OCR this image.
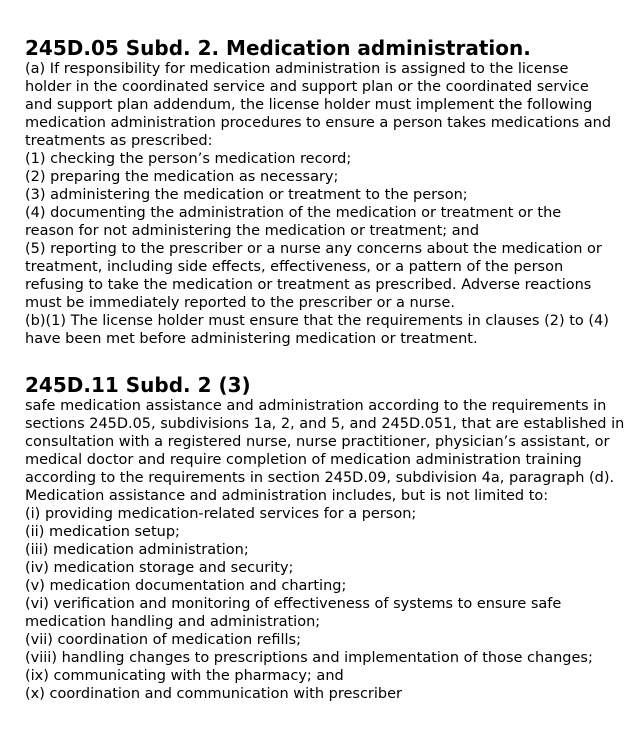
245D.05 Subd. 2. Medication administration.

(a) If responsibility for medication administration is assigned to the license
holder in the coordinated service and support plan or the coordinated service
and support plan addendum, the license holder must implement the following
medication administration procedures to ensure a person takes medications and
treatments as prescribed:
(1) checking the person’s medication record;
(2) preparing the medication as necessary;
(3) administering the medication or treatment to the person;
(4) documenting the administration of the medication or treatment or the
reason for not administering the medication or treatment; and
(5) reporting to the prescriber or a nurse any concerns about the medication or
treatment, including side effects, effectiveness, or a pattern of the person
refusing to take the medication or treatment as prescribed. Adverse reactions
must be immediately reported to the prescriber or a nurse.
(b)(1) The license holder must ensure that the requirements in clauses (2) to (4)
have been met before administering medication or treatment.

245D.11 Subd. 2 (3)

safe medication assistance and administration according to the requirements in
sections 245D.05, subdivisions 1a, 2, and 5, and 245D.051, that are established in
consultation with a registered nurse, nurse practitioner, physician’s assistant, or
medical doctor and require completion of medication administration training
according to the requirements in section 245D.09, subdivision 4a, paragraph (d).
Medication assistance and administration includes, but is not limited to:
(i) providing medication-related services for a person;
(ii) medication setup;
(iii) medication administration;
(iv) medication storage and security;
(v) medication documentation and charting;
(vi) verification and monitoring of effectiveness of systems to ensure safe
medication handling and administration;
(vii) coordination of medication refills;
(viii) handling changes to prescriptions and implementation of those changes;
(ix) communicating with the pharmacy; and
(x) coordination and communication with prescriber
